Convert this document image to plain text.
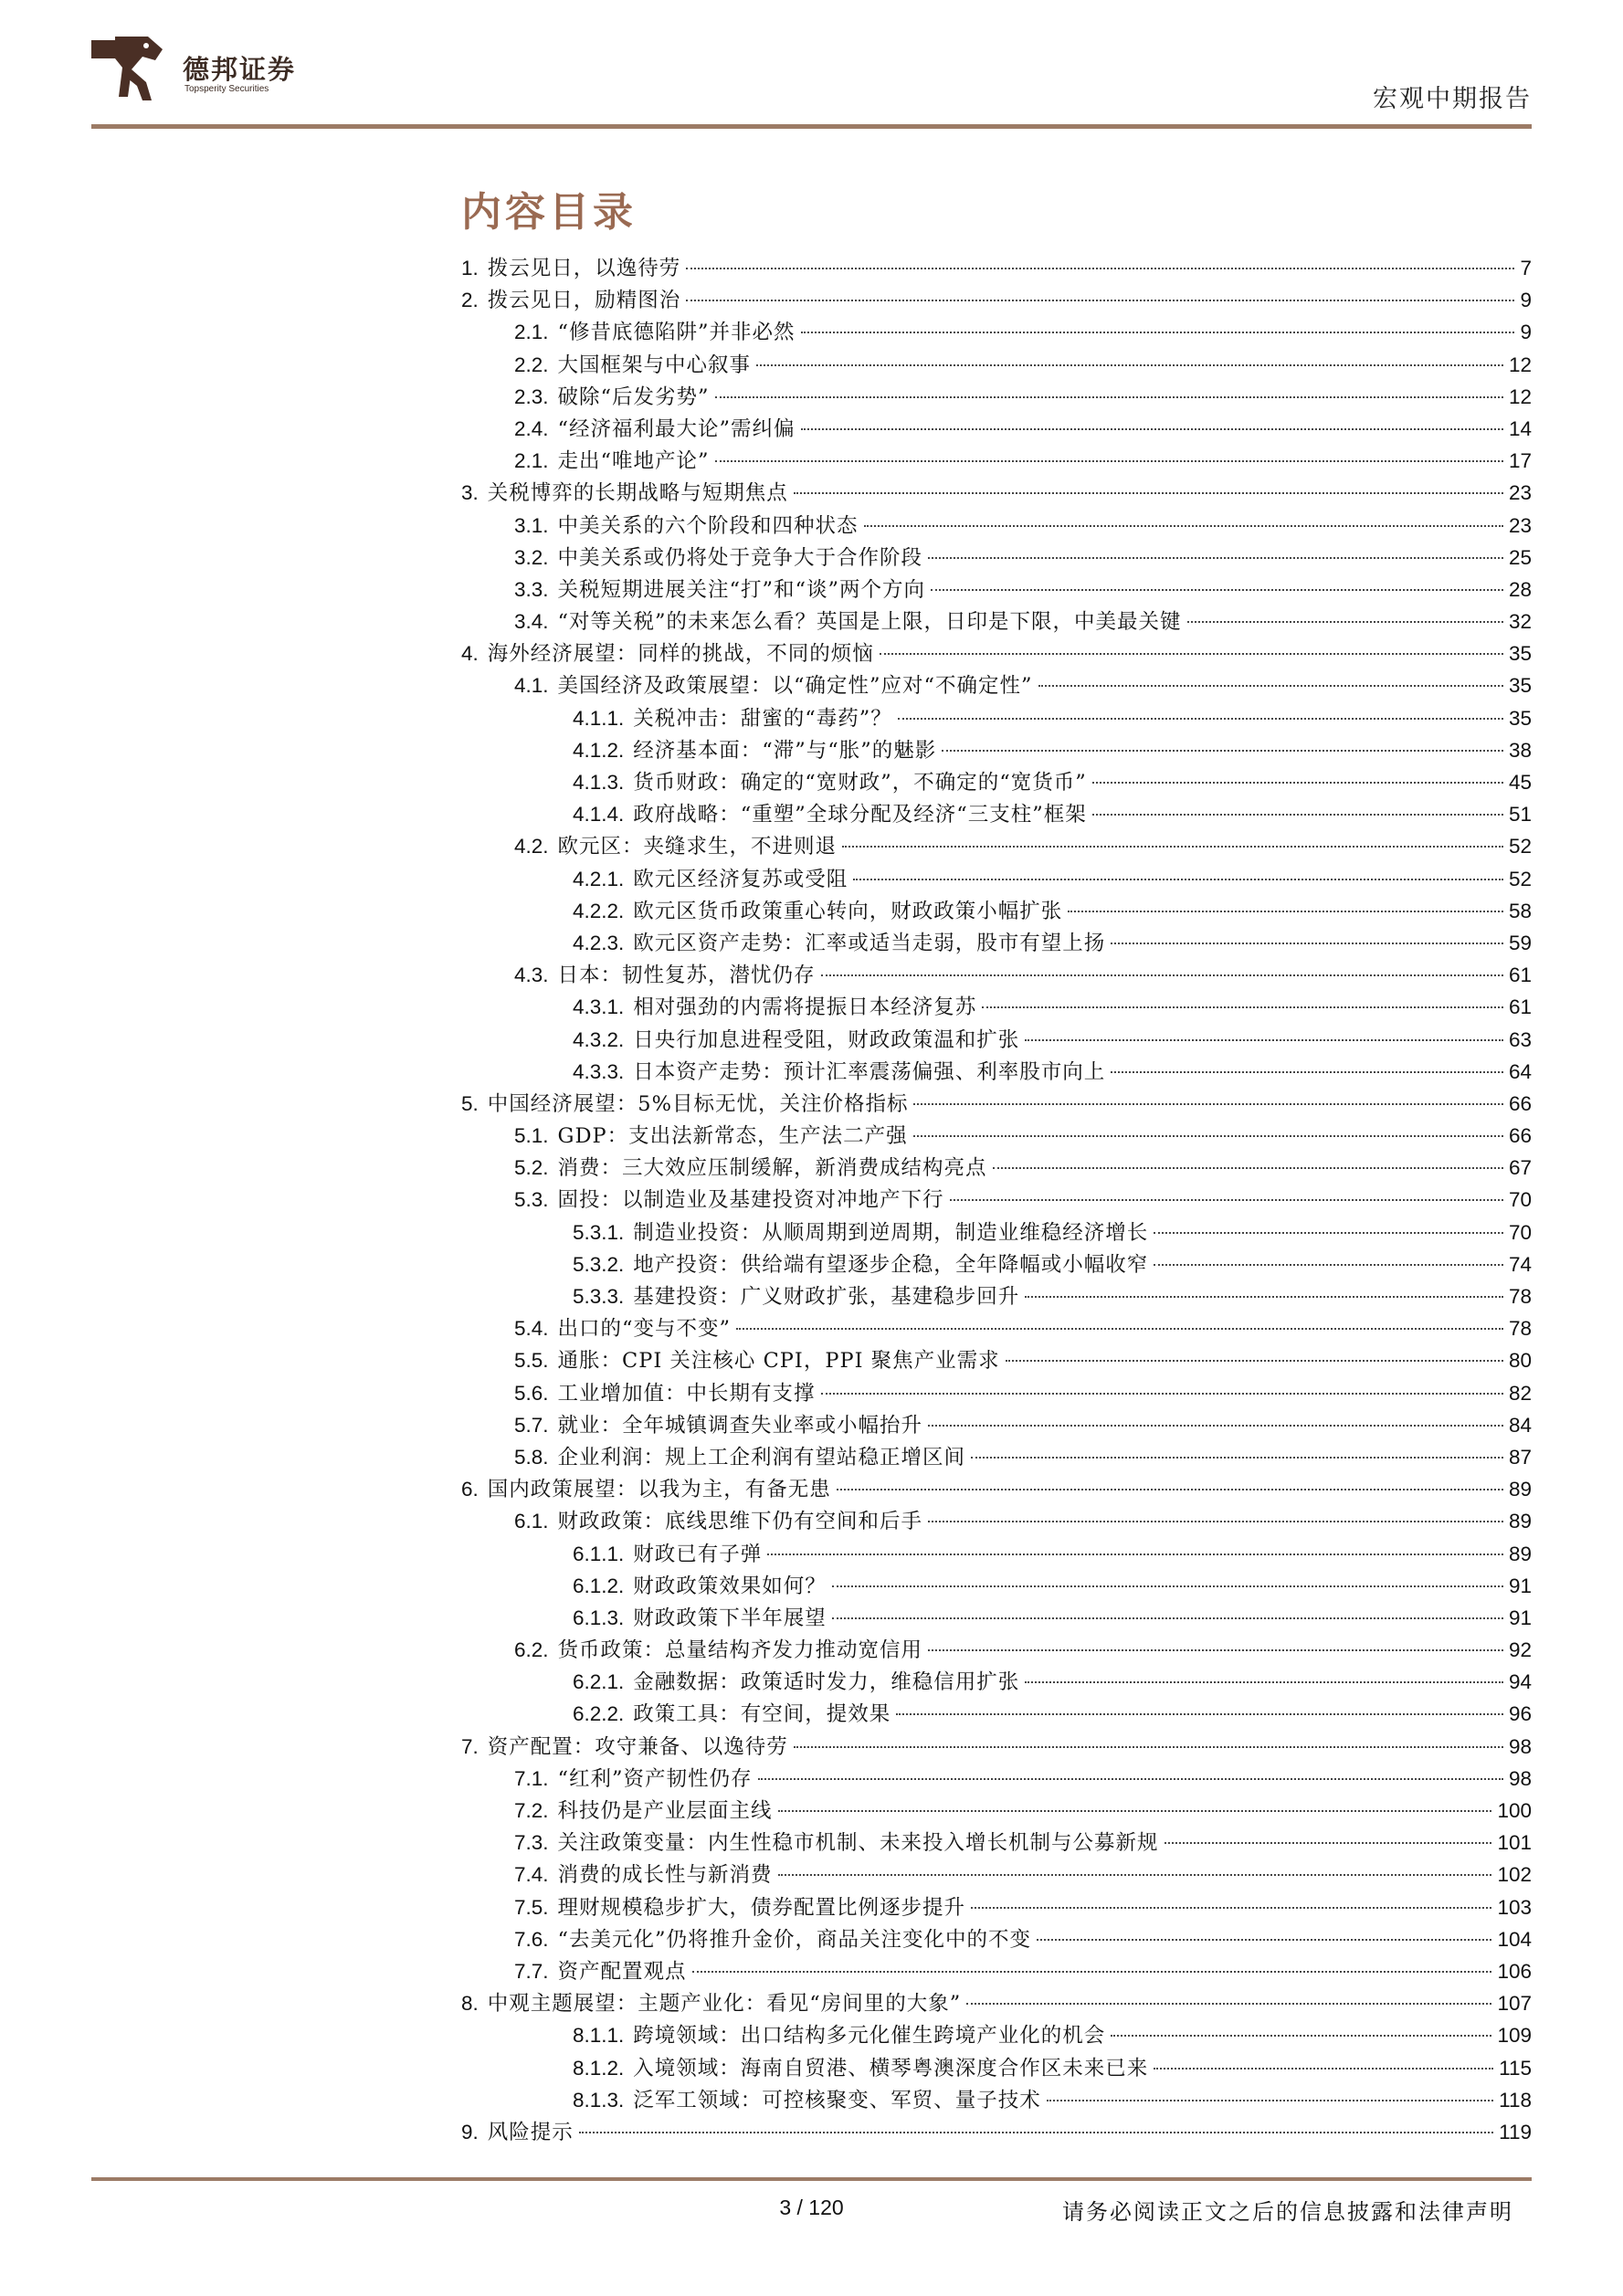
德邦证券
Topsperity Securities	宏观中期报告
内容目录
1. 拨云见日，以逸待劳	7
2. 拨云见日，励精图治	9
2.1. “修昔底德陷阱”并非必然	9
2.2. 大国框架与中心叙事	12
2.3. 破除“后发劣势”	12
2.4. “经济福利最大论”需纠偏	14
2.1. 走出“唯地产论”	17
3. 关税博弈的长期战略与短期焦点	23
3.1. 中美关系的六个阶段和四种状态	23
3.2. 中美关系或仍将处于竞争大于合作阶段	25
3.3. 关税短期进展关注“打”和“谈”两个方向	28
3.4. “对等关税”的未来怎么看？英国是上限，日印是下限，中美最关键	32
4. 海外经济展望：同样的挑战，不同的烦恼	35
4.1. 美国经济及政策展望：以“确定性”应对“不确定性”	35
4.1.1. 关税冲击：甜蜜的“毒药”？	35
4.1.2. 经济基本面：“滞”与“胀”的魅影	38
4.1.3. 货币财政：确定的“宽财政”，不确定的“宽货币”	45
4.1.4. 政府战略：“重塑”全球分配及经济“三支柱”框架	51
4.2. 欧元区：夹缝求生，不进则退	52
4.2.1. 欧元区经济复苏或受阻	52
4.2.2. 欧元区货币政策重心转向，财政政策小幅扩张	58
4.2.3. 欧元区资产走势：汇率或适当走弱，股市有望上扬	59
4.3. 日本：韧性复苏，潜忧仍存	61
4.3.1. 相对强劲的内需将提振日本经济复苏	61
4.3.2. 日央行加息进程受阻，财政政策温和扩张	63
4.3.3. 日本资产走势：预计汇率震荡偏强、利率股市向上	64
5. 中国经济展望：5%目标无忧，关注价格指标	66
5.1. GDP：支出法新常态，生产法二产强	66
5.2. 消费：三大效应压制缓解，新消费成结构亮点	67
5.3. 固投：以制造业及基建投资对冲地产下行	70
5.3.1. 制造业投资：从顺周期到逆周期，制造业维稳经济增长	70
5.3.2. 地产投资：供给端有望逐步企稳，全年降幅或小幅收窄	74
5.3.3. 基建投资：广义财政扩张，基建稳步回升	78
5.4. 出口的“变与不变”	78
5.5. 通胀：CPI 关注核心 CPI，PPI 聚焦产业需求	80
5.6. 工业增加值：中长期有支撑	82
5.7. 就业：全年城镇调查失业率或小幅抬升	84
5.8. 企业利润：规上工企利润有望站稳正增区间	87
6. 国内政策展望：以我为主，有备无患	89
6.1. 财政政策：底线思维下仍有空间和后手	89
6.1.1. 财政已有子弹	89
6.1.2. 财政政策效果如何？	91
6.1.3. 财政政策下半年展望	91
6.2. 货币政策：总量结构齐发力推动宽信用	92
6.2.1. 金融数据：政策适时发力，维稳信用扩张	94
6.2.2. 政策工具：有空间，提效果	96
7. 资产配置：攻守兼备、以逸待劳	98
7.1. “红利”资产韧性仍存	98
7.2. 科技仍是产业层面主线	100
7.3. 关注政策变量：内生性稳市机制、未来投入增长机制与公募新规	101
7.4. 消费的成长性与新消费	102
7.5. 理财规模稳步扩大，债券配置比例逐步提升	103
7.6. “去美元化”仍将推升金价，商品关注变化中的不变	104
7.7. 资产配置观点	106
8. 中观主题展望：主题产业化：看见“房间里的大象”	107
8.1.1. 跨境领域：出口结构多元化催生跨境产业化的机会	109
8.1.2. 入境领域：海南自贸港、横琴粤澳深度合作区未来已来	115
8.1.3. 泛军工领域：可控核聚变、军贸、量子技术	118
9. 风险提示	119
3 / 120	请务必阅读正文之后的信息披露和法律声明
